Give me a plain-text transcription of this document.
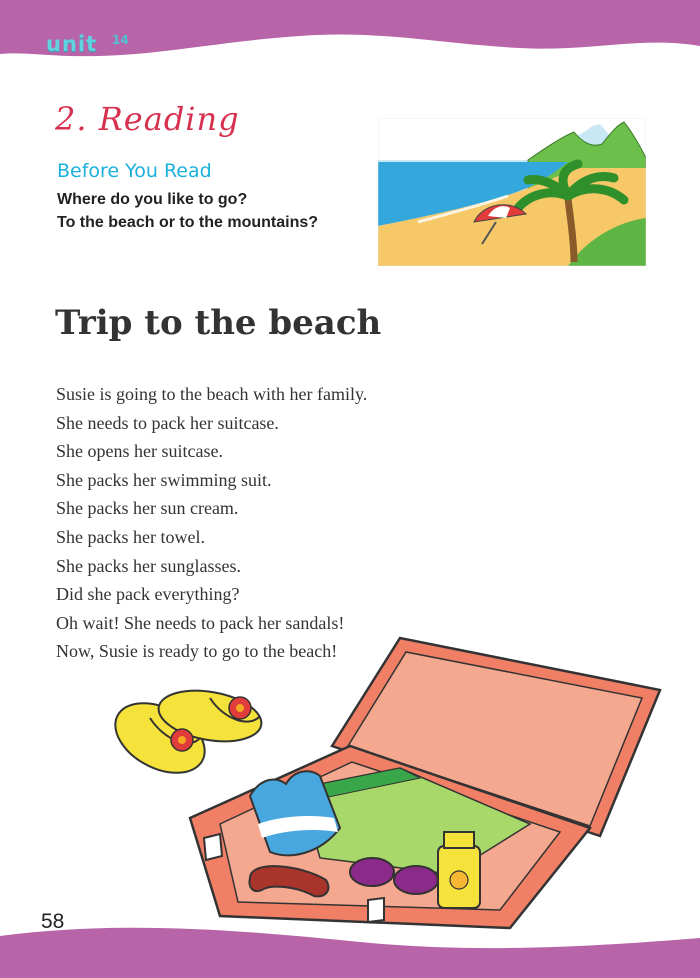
unit 14
2. Reading
Before You Read
Where do you like to go?
To the beach or to the mountains?
Trip to the beach
Susie is going to the beach with her family.
She needs to pack her suitcase.
She opens her suitcase.
She packs her swimming suit.
She packs her sun cream.
She packs her towel.
She packs her sunglasses.
Did she pack everything?
Oh wait! She needs to pack her sandals!
Now, Susie is ready to go to the beach!
58
